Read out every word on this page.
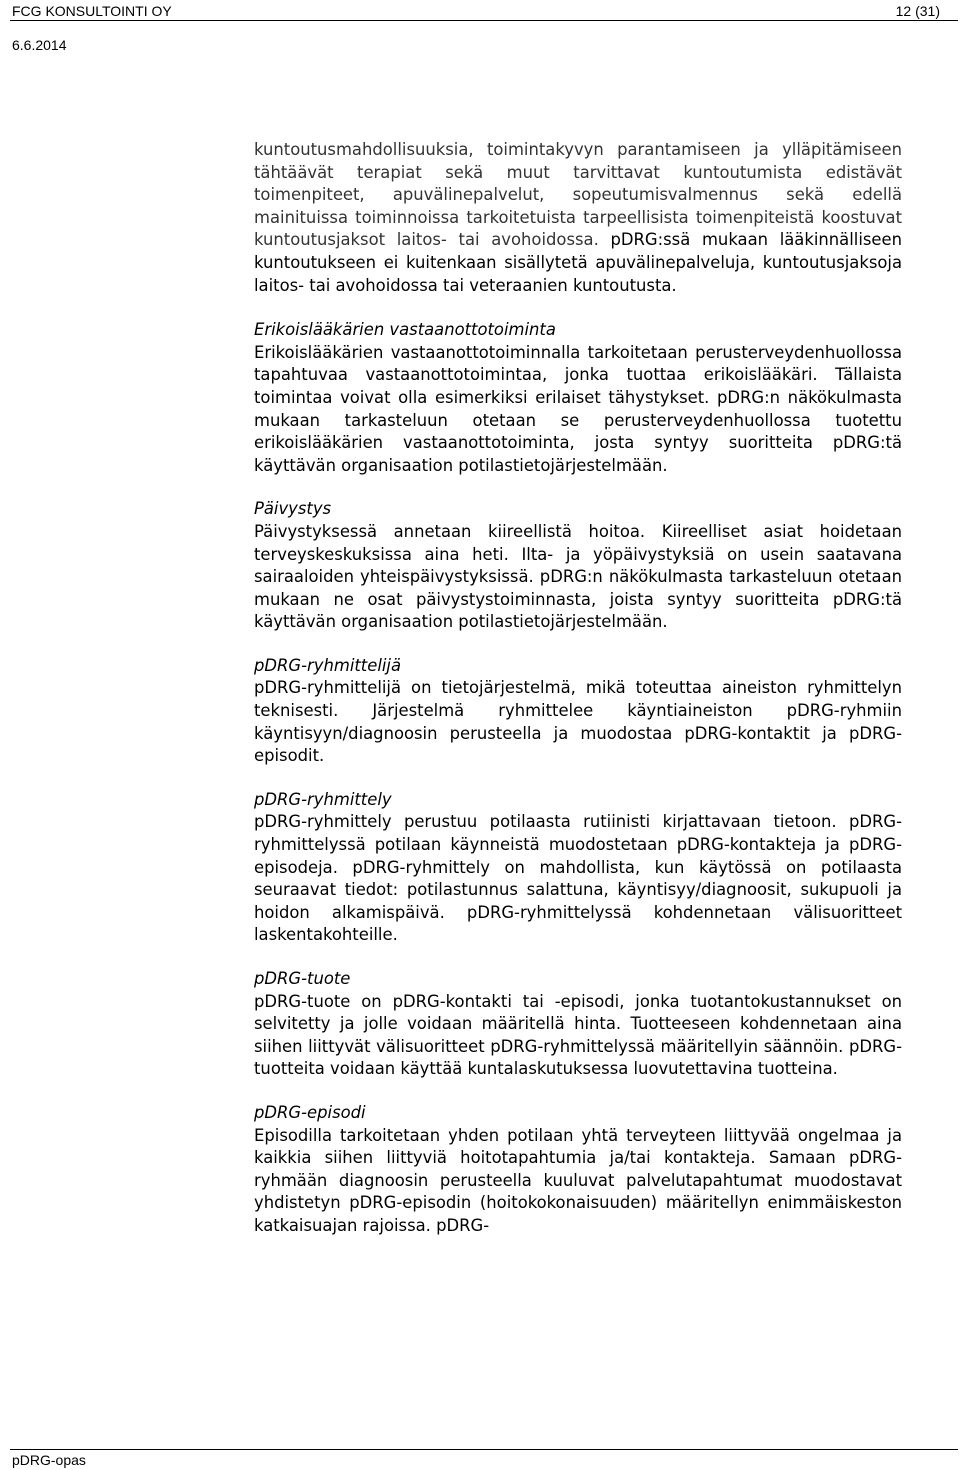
FCG KONSULTOINTI OY	12 (31)
6.6.2014

kuntoutusmahdollisuuksia, toimintakyvyn parantamiseen ja ylläpitämiseen tähtäävät terapiat sekä muut tarvittavat kuntoutumista edistävät toimenpiteet, apuvälinepalvelut, sopeutumisvalmennus sekä edellä mainituissa toiminnoissa tarkoitetuista tarpeellisista toimenpiteistä koostuvat kuntoutusjaksot laitos- tai avohoidossa. pDRG:ssä mukaan lääkinnälliseen kuntoutukseen ei kuitenkaan sisällytetä apuvälinepalveluja, kuntoutusjaksoja laitos- tai avohoidossa tai veteraanien kuntoutusta.

Erikoislääkärien vastaanottotoiminta

Erikoislääkärien vastaanottotoiminnalla tarkoitetaan perusterveydenhuollossa tapahtuvaa vastaanottotoimintaa, jonka tuottaa erikoislääkäri. Tällaista toimintaa voivat olla esimerkiksi erilaiset tähystykset. pDRG:n näkökulmasta mukaan tarkasteluun otetaan se perusterveydenhuollossa tuotettu erikoislääkärien vastaanottotoiminta, josta syntyy suoritteita pDRG:tä käyttävän organisaation potilastietojärjestelmään.

Päivystys

Päivystyksessä annetaan kiireellistä hoitoa. Kiireelliset asiat hoidetaan terveyskeskuksissa aina heti. Ilta- ja yöpäivystyksiä on usein saatavana sairaaloiden yhteispäivystyksissä. pDRG:n näkökulmasta tarkasteluun otetaan mukaan ne osat päivystystoiminnasta, joista syntyy suoritteita pDRG:tä käyttävän organisaation potilastietojärjestelmään.

pDRG-ryhmittelijä

pDRG-ryhmittelijä on tietojärjestelmä, mikä toteuttaa aineiston ryhmittelyn teknisesti. Järjestelmä ryhmittelee käyntiaineiston pDRG-ryhmiin käyntisyyn/diagnoosin perusteella ja muodostaa pDRG-kontaktit ja pDRG-episodit.

pDRG-ryhmittely

pDRG-ryhmittely perustuu potilaasta rutiinisti kirjattavaan tietoon. pDRG-ryhmittelyssä potilaan käynneistä muodostetaan pDRG-kontakteja ja pDRG-episodeja. pDRG-ryhmittely on mahdollista, kun käytössä on potilaasta seuraavat tiedot: potilastunnus salattuna, käyntisyy/diagnoosit, sukupuoli ja hoidon alkamispäivä. pDRG-ryhmittelyssä kohdennetaan välisuoritteet laskentakohteille.

pDRG-tuote

pDRG-tuote on pDRG-kontakti tai -episodi, jonka tuotantokustannukset on selvitetty ja jolle voidaan määritellä hinta. Tuotteeseen kohdennetaan aina siihen liittyvät välisuoritteet pDRG-ryhmittelyssä määritellyin säännöin. pDRG-tuotteita voidaan käyttää kuntalaskutuksessa luovutettavina tuotteina.

pDRG-episodi

Episodilla tarkoitetaan yhden potilaan yhtä terveyteen liittyvää ongelmaa ja kaikkia siihen liittyviä hoitotapahtumia ja/tai kontakteja. Samaan pDRG-ryhmään diagnoosin perusteella kuuluvat palvelutapahtumat muodostavat yhdistetyn pDRG-episodin (hoitokokonaisuuden) määritellyn enimmäiskeston katkaisuajan rajoissa. pDRG-

pDRG-opas
